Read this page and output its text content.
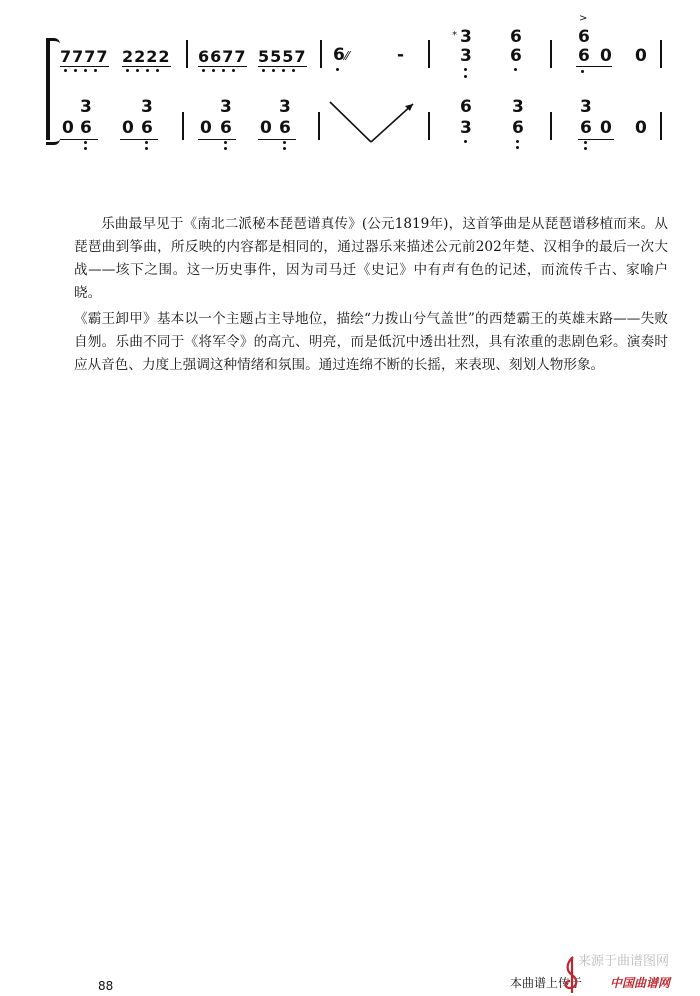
7777 2222 6677 5557 6 ⁄⁄	-
* 3
3
6
6
>
6
6 0 0
3	3
0 6 0 6
3	3
0 6 0 6
6
3
3
6
3
6 0 0

乐曲最早见于《南北二派秘本琵琶谱真传》(公元1819年)，这首筝曲是从琵琶谱移植而来。从琵琶曲到筝曲，所反映的内容都是相同的，通过器乐来描述公元前202年楚、汉相争的最后一次大战——垓下之围。这一历史事件，因为司马迁《史记》中有声有色的记述，而流传千古、家喻户晓。

《霸王卸甲》基本以一个主题占主导地位，描绘“力拨山兮气盖世”的西楚霸王的英雄末路——失败自刎。乐曲不同于《将军令》的高亢、明亮，而是低沉中透出壮烈，具有浓重的悲剧色彩。演奏时应从音色、力度上强调这种情绪和氛围。通过连绵不断的长摇，来表现、刻划人物形象。

88
来源于曲谱图网
本曲谱上传于 中国曲谱网
